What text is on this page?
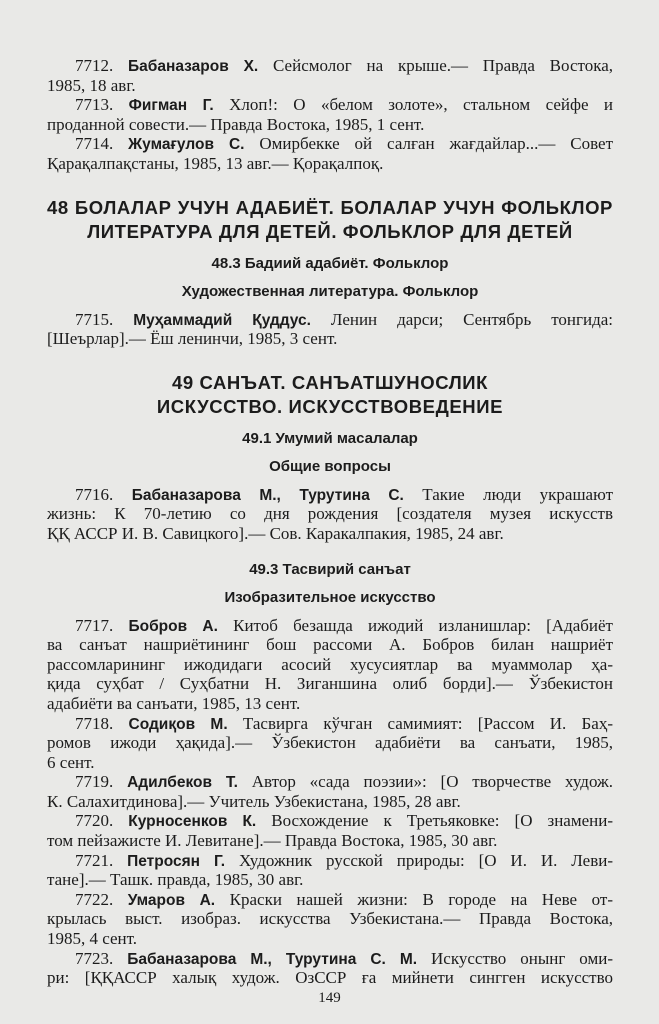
7712. Бабаназаров Х. Сейсмолог на крыше.— Правда Востока,
1985, 18 авг.
7713. Фигман Г. Хлоп!: О «белом золоте», стальном сейфе и
проданной совести.— Правда Востока, 1985, 1 сент.
7714. Жумағулов С. Омирбекке ой салған жағдайлар...— Совет
Қарақалпақстаны, 1985, 13 авг.— Қорақалпоқ.
48 БОЛАЛАР УЧУН АДАБИЁТ. БОЛАЛАР УЧУН ФОЛЬКЛОР
ЛИТЕРАТУРА ДЛЯ ДЕТЕЙ. ФОЛЬКЛОР ДЛЯ ДЕТЕЙ
48.3 Бадиий адабиёт. Фольклор
Художественная литература. Фольклор
7715. Муҳаммадий Қуддус. Ленин дарси; Сентябрь тонгида:
[Шеърлар].— Ёш ленинчи, 1985, 3 сент.
49 САНЪАТ. САНЪАТШУНОСЛИК
ИСКУССТВО. ИСКУССТВОВЕДЕНИЕ
49.1 Умумий масалалар
Общие вопросы
7716. Бабаназарова М., Турутина С. Такие люди украшают
жизнь: К 70-летию со дня рождения [создателя музея искусств
ҚҚ АССР И. В. Савицкого].— Сов. Каракалпакия, 1985, 24 авг.
49.3 Тасвирий санъат
Изобразительное искусство
7717. Бобров А. Китоб безашда ижодий изланишлар: [Адабиёт
ва санъат нашриётининг бош рассоми А. Бобров билан нашриёт
рассомларининг ижодидаги асосий хусусиятлар ва муаммолар ҳа-
қида суҳбат / Суҳбатни Н. Зиганшина олиб борди].— Ўзбекистон
адабиёти ва санъати, 1985, 13 сент.
7718. Содиқов М. Тасвирга кўчган самимият: [Рассом И. Баҳ-
ромов ижоди ҳақида].— Ўзбекистон адабиёти ва санъати, 1985,
6 сент.
7719. Адилбеков Т. Автор «сада поэзии»: [О творчестве худож.
К. Салахитдинова].— Учитель Узбекистана, 1985, 28 авг.
7720. Курносенков К. Восхождение к Третьяковке: [О знамени-
том пейзажисте И. Левитане].— Правда Востока, 1985, 30 авг.
7721. Петросян Г. Художник русской природы: [О И. И. Леви-
тане].— Ташк. правда, 1985, 30 авг.
7722. Умаров А. Краски нашей жизни: В городе на Неве от-
крылась выст. изобраз. искусства Узбекистана.— Правда Востока,
1985, 4 сент.
7723. Бабаназарова М., Турутина С. М. Искусство онынг оми-
ри: [ҚҚАССР халық худож. ОзССР ға мийнети сингген искусство
149
